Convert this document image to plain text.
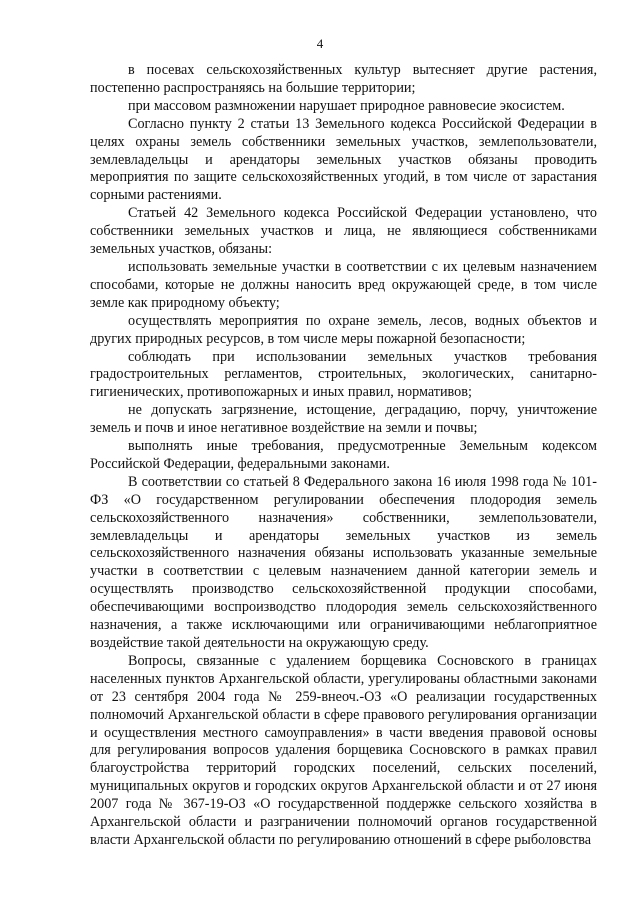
4

в посевах сельскохозяйственных культур вытесняет другие растения, постепенно распространяясь на большие территории;

при массовом размножении нарушает природное равновесие экосистем.

Согласно пункту 2 статьи 13 Земельного кодекса Российской Федерации в целях охраны земель собственники земельных участков, землепользователи, землевладельцы и арендаторы земельных участков обязаны проводить мероприятия по защите сельскохозяйственных угодий, в том числе от зарастания сорными растениями.

Статьей 42 Земельного кодекса Российской Федерации установлено, что собственники земельных участков и лица, не являющиеся собственниками земельных участков, обязаны:

использовать земельные участки в соответствии с их целевым назначением способами, которые не должны наносить вред окружающей среде, в том числе земле как природному объекту;

осуществлять мероприятия по охране земель, лесов, водных объектов и других природных ресурсов, в том числе меры пожарной безопасности;

соблюдать при использовании земельных участков требования градостроительных регламентов, строительных, экологических, санитарно-гигиенических, противопожарных и иных правил, нормативов;

не допускать загрязнение, истощение, деградацию, порчу, уничтожение земель и почв и иное негативное воздействие на земли и почвы;

выполнять иные требования, предусмотренные Земельным кодексом Российской Федерации, федеральными законами.

В соответствии со статьей 8 Федерального закона 16 июля 1998 года № 101-ФЗ «О государственном регулировании обеспечения плодородия земель сельскохозяйственного назначения» собственники, землепользователи, землевладельцы и арендаторы земельных участков из земель сельскохозяйственного назначения обязаны использовать указанные земельные участки в соответствии с целевым назначением данной категории земель и осуществлять производство сельскохозяйственной продукции способами, обеспечивающими воспроизводство плодородия земель сельскохозяйственного назначения, а также исключающими или ограничивающими неблагоприятное воздействие такой деятельности на окружающую среду.

Вопросы, связанные с удалением борщевика Сосновского в границах населенных пунктов Архангельской области, урегулированы областными законами от 23 сентября 2004 года № 259-внеоч.-ОЗ «О реализации государственных полномочий Архангельской области в сфере правового регулирования организации и осуществления местного самоуправления» в части введения правовой основы для регулирования вопросов удаления борщевика Сосновского в рамках правил благоустройства территорий городских поселений, сельских поселений, муниципальных округов и городских округов Архангельской области и от 27 июня 2007 года № 367-19-ОЗ «О государственной поддержке сельского хозяйства в Архангельской области и разграничении полномочий органов государственной власти Архангельской области по регулированию отношений в сфере рыболовства
